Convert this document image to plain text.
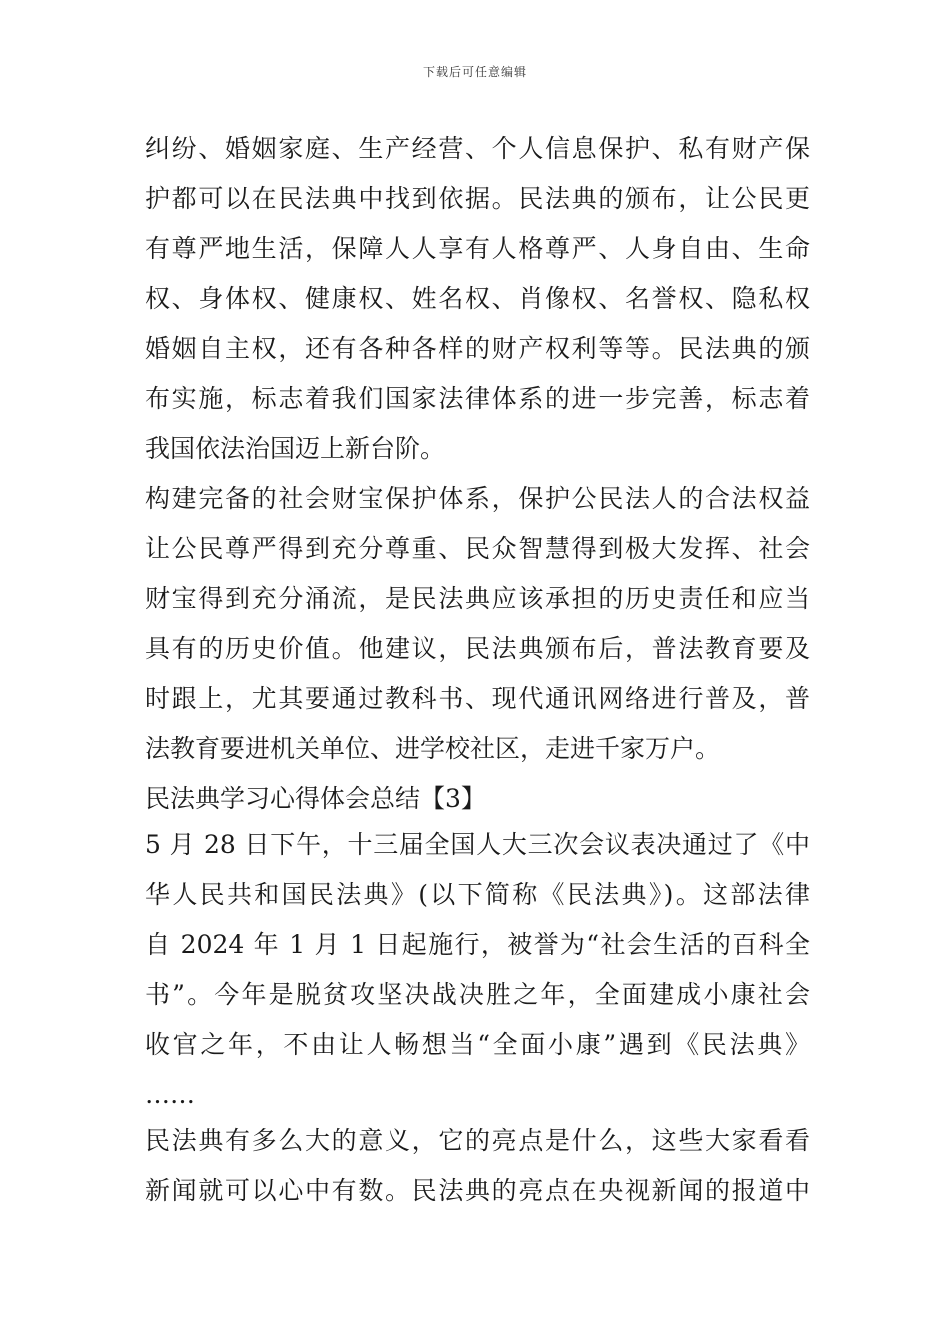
下载后可任意编辑
纠纷、婚姻家庭、生产经营、个人信息保护、私有财产保
护都可以在民法典中找到依据。民法典的颁布，让公民更
有尊严地生活，保障人人享有人格尊严、人身自由、生命
权、身体权、健康权、姓名权、肖像权、名誉权、隐私权
婚姻自主权，还有各种各样的财产权利等等。民法典的颁
布实施，标志着我们国家法律体系的进一步完善，标志着
我国依法治国迈上新台阶。
构建完备的社会财宝保护体系，保护公民法人的合法权益
让公民尊严得到充分尊重、民众智慧得到极大发挥、社会
财宝得到充分涌流，是民法典应该承担的历史责任和应当
具有的历史价值。他建议，民法典颁布后，普法教育要及
时跟上，尤其要通过教科书、现代通讯网络进行普及，普
法教育要进机关单位、进学校社区，走进千家万户。
民法典学习心得体会总结【3】
5 月 28 日下午，十三届全国人大三次会议表决通过了《中
华人民共和国民法典》(以下简称《民法典》)。这部法律
自 2024 年 1 月 1 日起施行，被誉为“社会生活的百科全
书”。今年是脱贫攻坚决战决胜之年，全面建成小康社会
收官之年，不由让人畅想当“全面小康”遇到《民法典》
……
民法典有多么大的意义，它的亮点是什么，这些大家看看
新闻就可以心中有数。民法典的亮点在央视新闻的报道中
